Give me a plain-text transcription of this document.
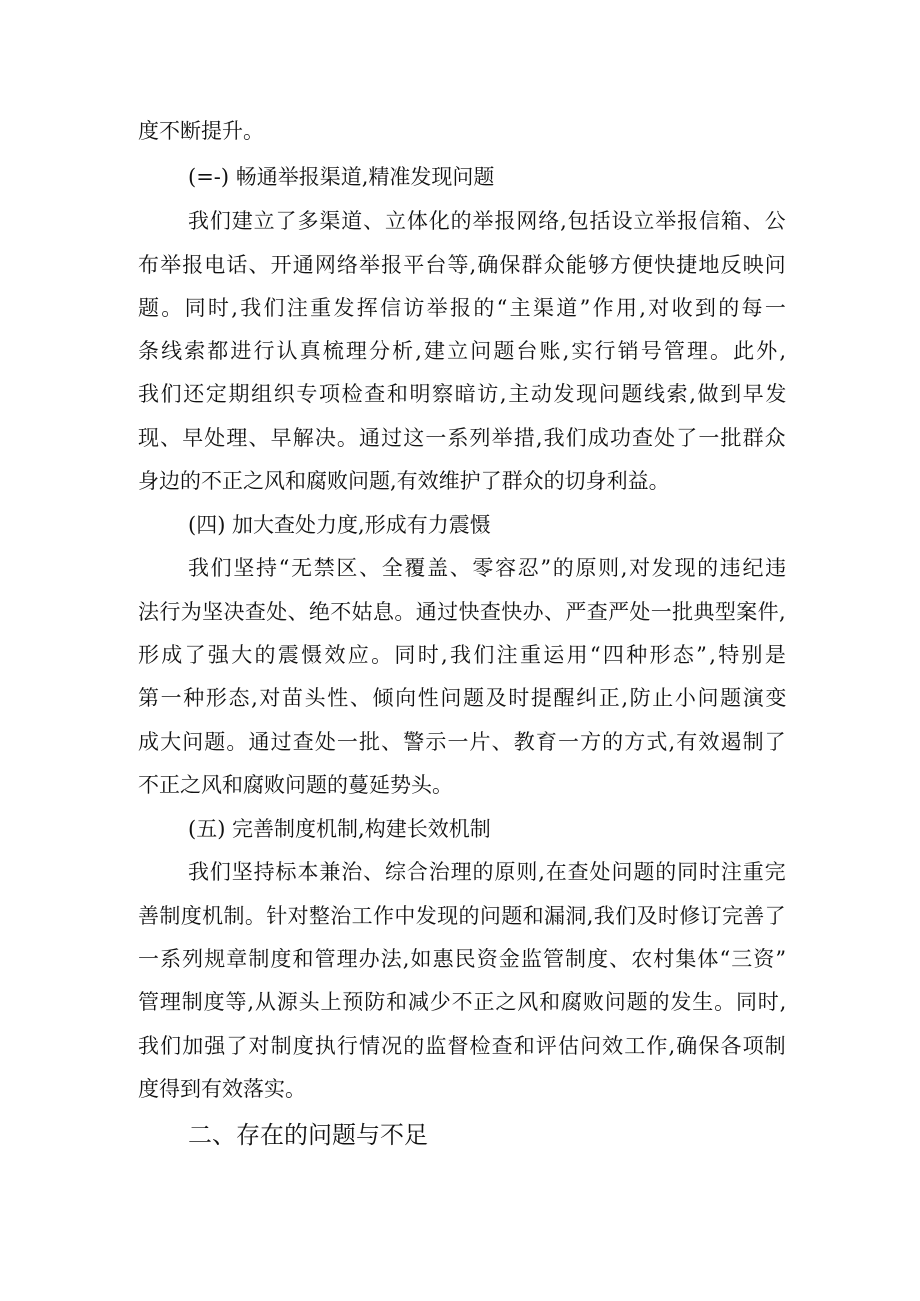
度不断提升。
(=-) 畅通举报渠道,精准发现问题
我们建立了多渠道、立体化的举报网络,包括设立举报信箱、公
布举报电话、开通网络举报平台等,确保群众能够方便快捷地反映问
题。同时,我们注重发挥信访举报的“主渠道”作用,对收到的每一
条线索都进行认真梳理分析,建立问题台账,实行销号管理。此外,
我们还定期组织专项检查和明察暗访,主动发现问题线索,做到早发
现、早处理、早解决。通过这一系列举措,我们成功查处了一批群众
身边的不正之风和腐败问题,有效维护了群众的切身利益。
(四) 加大查处力度,形成有力震慑
我们坚持“无禁区、全覆盖、零容忍”的原则,对发现的违纪违
法行为坚决查处、绝不姑息。通过快查快办、严查严处一批典型案件,
形成了强大的震慑效应。同时,我们注重运用“四种形态”,特别是
第一种形态,对苗头性、倾向性问题及时提醒纠正,防止小问题演变
成大问题。通过查处一批、警示一片、教育一方的方式,有效遏制了
不正之风和腐败问题的蔓延势头。
(五) 完善制度机制,构建长效机制
我们坚持标本兼治、综合治理的原则,在查处问题的同时注重完
善制度机制。针对整治工作中发现的问题和漏洞,我们及时修订完善了
一系列规章制度和管理办法,如惠民资金监管制度、农村集体“三资”
管理制度等,从源头上预防和减少不正之风和腐败问题的发生。同时,
我们加强了对制度执行情况的监督检查和评估问效工作,确保各项制
度得到有效落实。
二、存在的问题与不足
